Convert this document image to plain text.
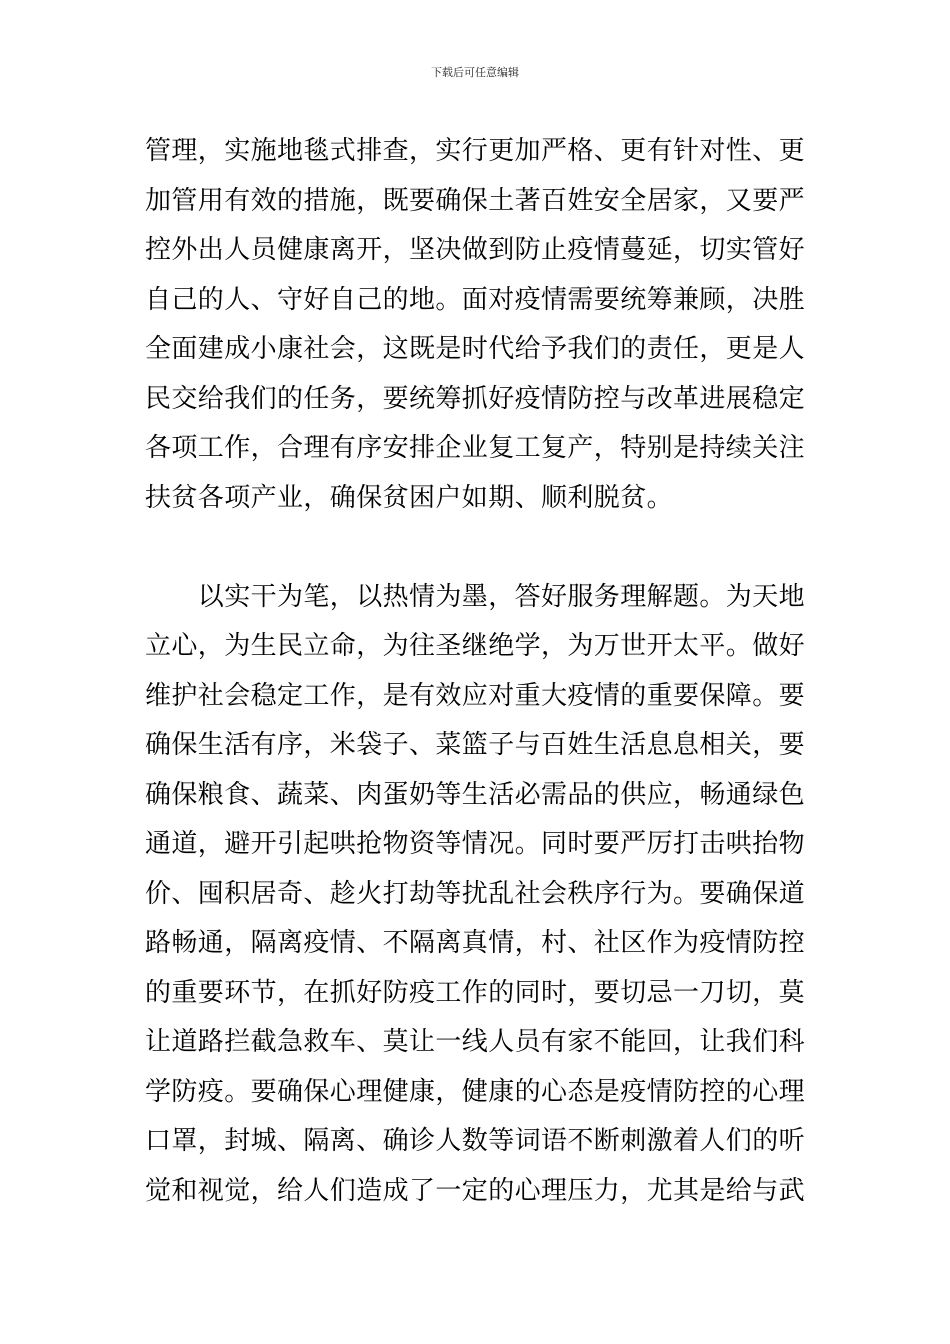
下载后可任意编辑
管理，实施地毯式排查，实行更加严格、更有针对性、更
加管用有效的措施，既要确保土著百姓安全居家，又要严
控外出人员健康离开，坚决做到防止疫情蔓延，切实管好
自己的人、守好自己的地。面对疫情需要统筹兼顾，决胜
全面建成小康社会，这既是时代给予我们的责任，更是人
民交给我们的任务，要统筹抓好疫情防控与改革进展稳定
各项工作，合理有序安排企业复工复产，特别是持续关注
扶贫各项产业，确保贫困户如期、顺利脱贫。
　　以实干为笔，以热情为墨，答好服务理解题。为天地
立心，为生民立命，为往圣继绝学，为万世开太平。做好
维护社会稳定工作，是有效应对重大疫情的重要保障。要
确保生活有序，米袋子、菜篮子与百姓生活息息相关，要
确保粮食、蔬菜、肉蛋奶等生活必需品的供应，畅通绿色
通道，避开引起哄抢物资等情况。同时要严厉打击哄抬物
价、囤积居奇、趁火打劫等扰乱社会秩序行为。要确保道
路畅通，隔离疫情、不隔离真情，村、社区作为疫情防控
的重要环节，在抓好防疫工作的同时，要切忌一刀切，莫
让道路拦截急救车、莫让一线人员有家不能回，让我们科
学防疫。要确保心理健康，健康的心态是疫情防控的心理
口罩，封城、隔离、确诊人数等词语不断刺激着人们的听
觉和视觉，给人们造成了一定的心理压力，尤其是给与武
